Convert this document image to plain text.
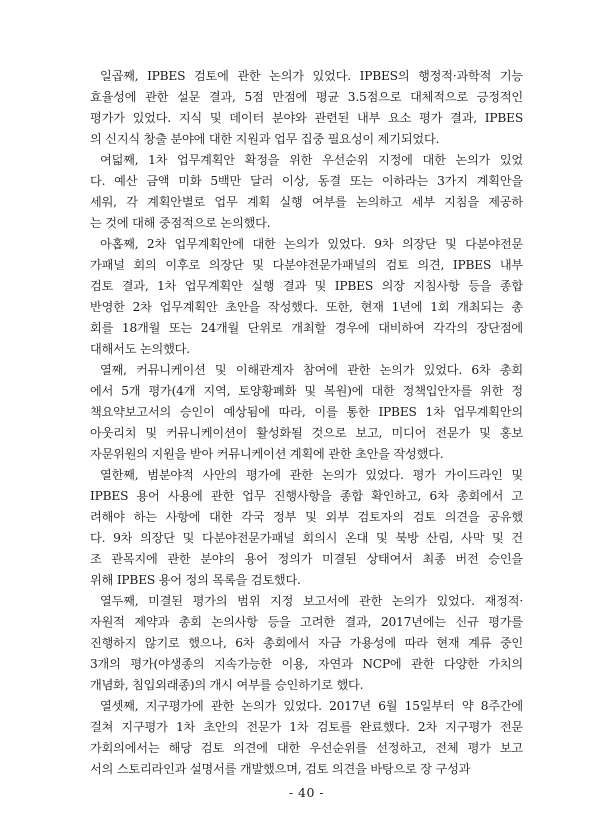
일곱째, IPBES 검토에 관한 논의가 있었다. IPBES의 행정적·과학적 기능
효율성에 관한 설문 결과, 5점 만점에 평균 3.5점으로 대체적으로 긍정적인
평가가 있었다. 지식 및 데이터 분야와 관련된 내부 요소 평가 결과, IPBES
의 신지식 창출 분야에 대한 지원과 업무 집중 필요성이 제기되었다.

여덟째, 1차 업무계획안 확정을 위한 우선순위 지정에 대한 논의가 있었
다. 예산 금액 미화 5백만 달러 이상, 동결 또는 이하라는 3가지 계획안을
세워, 각 계획안별로 업무 계획 실행 여부를 논의하고 세부 지침을 제공하
는 것에 대해 중점적으로 논의했다.

아홉째, 2차 업무계획안에 대한 논의가 있었다. 9차 의장단 및 다분야전문
가패널 회의 이후로 의장단 및 다분야전문가패널의 검토 의견, IPBES 내부
검토 결과, 1차 업무계획안 실행 결과 및 IPBES 의장 지침사항 등을 종합
반영한 2차 업무계획안 초안을 작성했다. 또한, 현재 1년에 1회 개최되는 총
회를 18개월 또는 24개월 단위로 개최할 경우에 대비하여 각각의 장단점에
대해서도 논의했다.

열째, 커뮤니케이션 및 이해관계자 참여에 관한 논의가 있었다. 6차 총회
에서 5개 평가(4개 지역, 토양황폐화 및 복원)에 대한 정책입안자를 위한 정
책요약보고서의 승인이 예상됨에 따라, 이를 통한 IPBES 1차 업무계획안의
아웃리치 및 커뮤니케이션이 활성화될 것으로 보고, 미디어 전문가 및 홍보
자문위원의 지원을 받아 커뮤니케이션 계획에 관한 초안을 작성했다.

열한째, 범분야적 사안의 평가에 관한 논의가 있었다. 평가 가이드라인 및
IPBES 용어 사용에 관한 업무 진행사항을 종합 확인하고, 6차 총회에서 고
려해야 하는 사항에 대한 각국 정부 및 외부 검토자의 검토 의견을 공유했
다. 9차 의장단 및 다분야전문가패널 회의시 온대 및 북방 산림, 사막 및 건
조 관목지에 관한 분야의 용어 정의가 미결된 상태여서 최종 버전 승인을
위해 IPBES 용어 정의 목록을 검토했다.

열두째, 미결된 평가의 범위 지정 보고서에 관한 논의가 있었다. 재정적·
자원적 제약과 총회 논의사항 등을 고려한 결과, 2017년에는 신규 평가를
진행하지 않기로 했으나, 6차 총회에서 자금 가용성에 따라 현재 계류 중인
3개의 평가(야생종의 지속가능한 이용, 자연과 NCP에 관한 다양한 가치의
개념화, 침입외래종)의 개시 여부를 승인하기로 했다.

열셋째, 지구평가에 관한 논의가 있었다. 2017년 6월 15일부터 약 8주간에
걸쳐 지구평가 1차 초안의 전문가 1차 검토를 완료했다. 2차 지구평가 전문
가회의에서는 해당 검토 의견에 대한 우선순위를 선정하고, 전체 평가 보고
서의 스토리라인과 설명서를 개발했으며, 검토 의견을 바탕으로 장 구성과

- 40 -
